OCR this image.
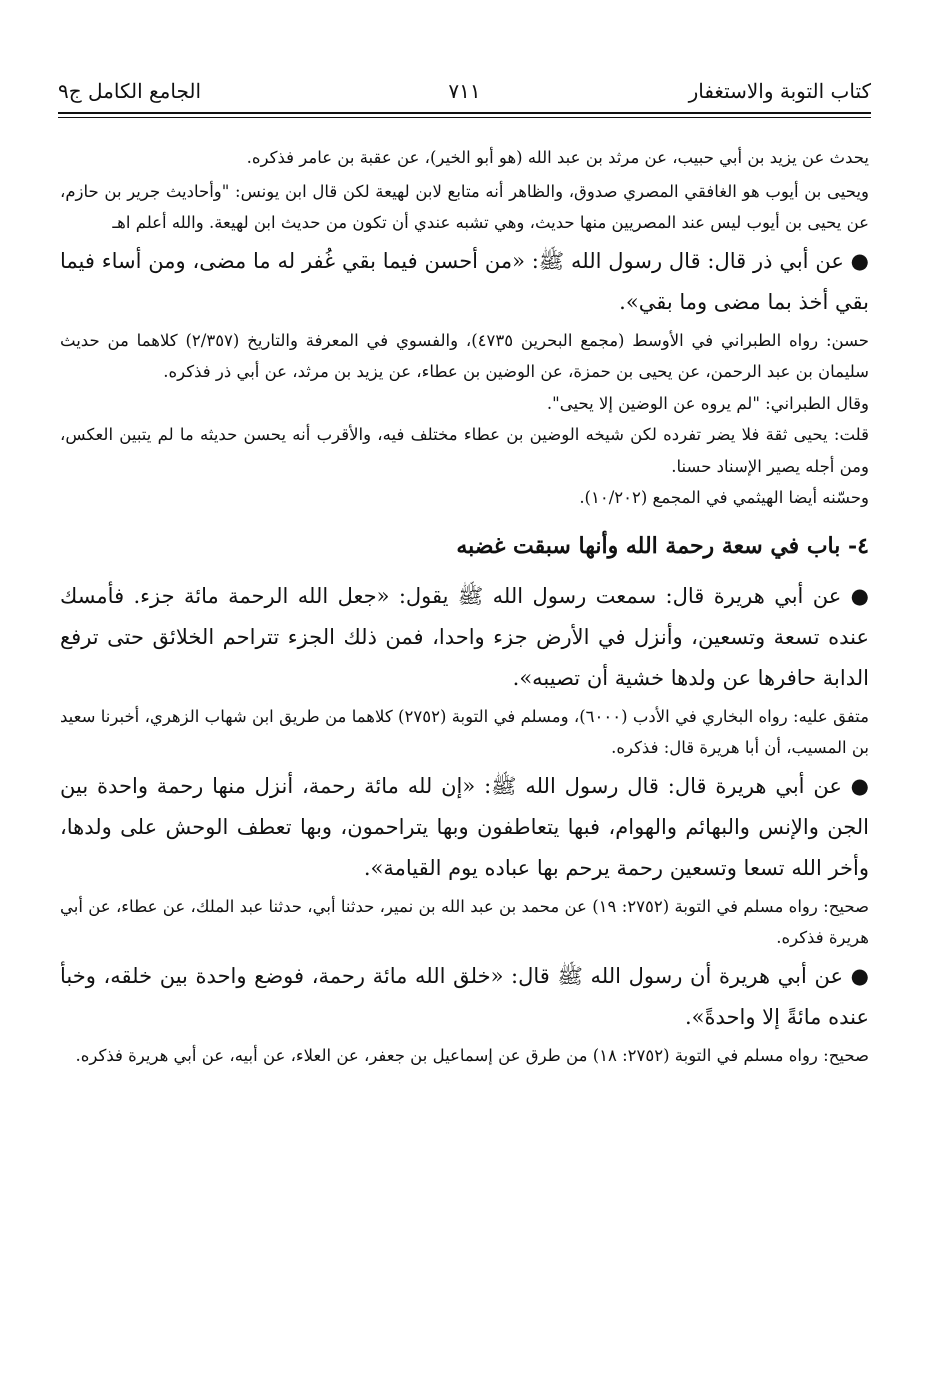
كتاب التوبة والاستغفار
٧١١
الجامع الكامل ج٩

يحدث عن يزيد بن أبي حبيب، عن مرثد بن عبد الله (هو أبو الخير)، عن عقبة بن عامر فذكره.

ويحيى بن أيوب هو الغافقي المصري صدوق، والظاهر أنه متابع لابن لهيعة لكن قال ابن يونس: "وأحاديث جرير بن حازم، عن يحيى بن أيوب ليس عند المصريين منها حديث، وهي تشبه عندي أن تكون من حديث ابن لهيعة. والله أعلم اهـ

● عن أبي ذر قال: قال رسول الله ﷺ: «من أحسن فيما بقي غُفر له ما مضى، ومن أساء فيما بقي أخذ بما مضى وما بقي».

حسن: رواه الطبراني في الأوسط (مجمع البحرين ٤٧٣٥)، والفسوي في المعرفة والتاريخ (٢/٣٥٧) كلاهما من حديث سليمان بن عبد الرحمن، عن يحيى بن حمزة، عن الوضين بن عطاء، عن يزيد بن مرثد، عن أبي ذر فذكره.

وقال الطبراني: "لم يروه عن الوضين إلا يحيى".

قلت: يحيى ثقة فلا يضر تفرده لكن شيخه الوضين بن عطاء مختلف فيه، والأقرب أنه يحسن حديثه ما لم يتبين العكس، ومن أجله يصير الإسناد حسنا.

وحسّنه أيضا الهيثمي في المجمع (١٠/٢٠٢).

٤- باب في سعة رحمة الله وأنها سبقت غضبه

● عن أبي هريرة قال: سمعت رسول الله ﷺ يقول: «جعل الله الرحمة مائة جزء. فأمسك عنده تسعة وتسعين، وأنزل في الأرض جزء واحدا، فمن ذلك الجزء تتراحم الخلائق حتى ترفع الدابة حافرها عن ولدها خشية أن تصيبه».

متفق عليه: رواه البخاري في الأدب (٦٠٠٠)، ومسلم في التوبة (٢٧٥٢) كلاهما من طريق ابن شهاب الزهري، أخبرنا سعيد بن المسيب، أن أبا هريرة قال: فذكره.

● عن أبي هريرة قال: قال رسول الله ﷺ: «إن لله مائة رحمة، أنزل منها رحمة واحدة بين الجن والإنس والبهائم والهوام، فبها يتعاطفون وبها يتراحمون، وبها تعطف الوحش على ولدها، وأخر الله تسعا وتسعين رحمة يرحم بها عباده يوم القيامة».

صحيح: رواه مسلم في التوبة (٢٧٥٢: ١٩) عن محمد بن عبد الله بن نمير، حدثنا أبي، حدثنا عبد الملك، عن عطاء، عن أبي هريرة فذكره.

● عن أبي هريرة أن رسول الله ﷺ قال: «خلق الله مائة رحمة، فوضع واحدة بين خلقه، وخبأ عنده مائةً إلا واحدةً».

صحيح: رواه مسلم في التوبة (٢٧٥٢: ١٨) من طرق عن إسماعيل بن جعفر، عن العلاء، عن أبيه، عن أبي هريرة فذكره.
